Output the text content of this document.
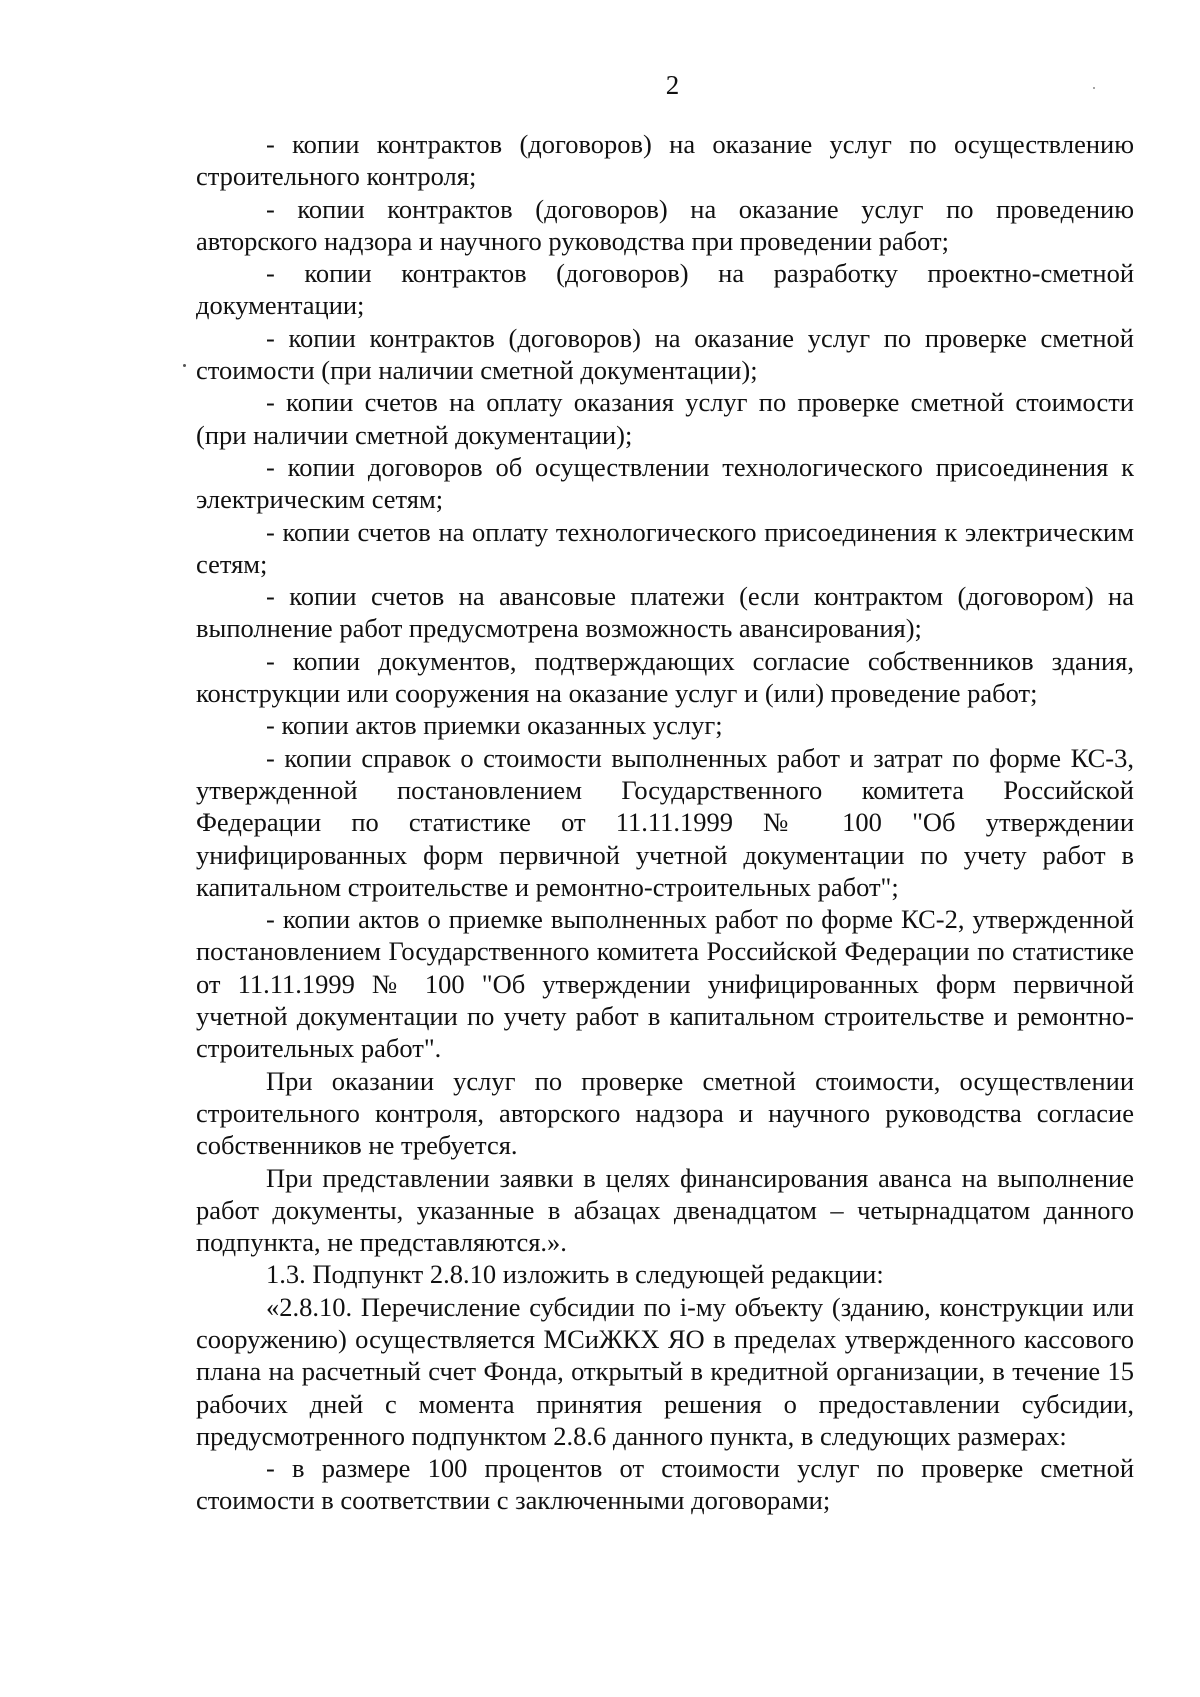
2

- копии контрактов (договоров) на оказание услуг по осуществлению строительного контроля;

- копии контрактов (договоров) на оказание услуг по проведению авторского надзора и научного руководства при проведении работ;

- копии контрактов (договоров) на разработку проектно-сметной документации;

- копии контрактов (договоров) на оказание услуг по проверке сметной стоимости (при наличии сметной документации);

- копии счетов на оплату оказания услуг по проверке сметной стоимости (при наличии сметной документации);

- копии договоров об осуществлении технологического присоединения к электрическим сетям;

- копии счетов на оплату технологического присоединения к электрическим сетям;

- копии счетов на авансовые платежи (если контрактом (договором) на выполнение работ предусмотрена возможность авансирования);

- копии документов, подтверждающих согласие собственников здания, конструкции или сооружения на оказание услуг и (или) проведение работ;

- копии актов приемки оказанных услуг;

- копии справок о стоимости выполненных работ и затрат по форме КС-3, утвержденной постановлением Государственного комитета Российской Федерации по статистике от 11.11.1999 № 100 "Об утверждении унифицированных форм первичной учетной документации по учету работ в капитальном строительстве и ремонтно-строительных работ";

- копии актов о приемке выполненных работ по форме КС-2, утвержденной постановлением Государственного комитета Российской Федерации по статистике от 11.11.1999 № 100 "Об утверждении унифицированных форм первичной учетной документации по учету работ в капитальном строительстве и ремонтно-строительных работ".

При оказании услуг по проверке сметной стоимости, осуществлении строительного контроля, авторского надзора и научного руководства согласие собственников не требуется.

При представлении заявки в целях финансирования аванса на выполнение работ документы, указанные в абзацах двенадцатом – четырнадцатом данного подпункта, не представляются.».

1.3. Подпункт 2.8.10 изложить в следующей редакции:

«2.8.10. Перечисление субсидии по i-му объекту (зданию, конструкции или сооружению) осуществляется МСиЖКХ ЯО в пределах утвержденного кассового плана на расчетный счет Фонда, открытый в кредитной организации, в течение 15 рабочих дней с момента принятия решения о предоставлении субсидии, предусмотренного подпунктом 2.8.6 данного пункта, в следующих размерах:

- в размере 100 процентов от стоимости услуг по проверке сметной стоимости в соответствии с заключенными договорами;
